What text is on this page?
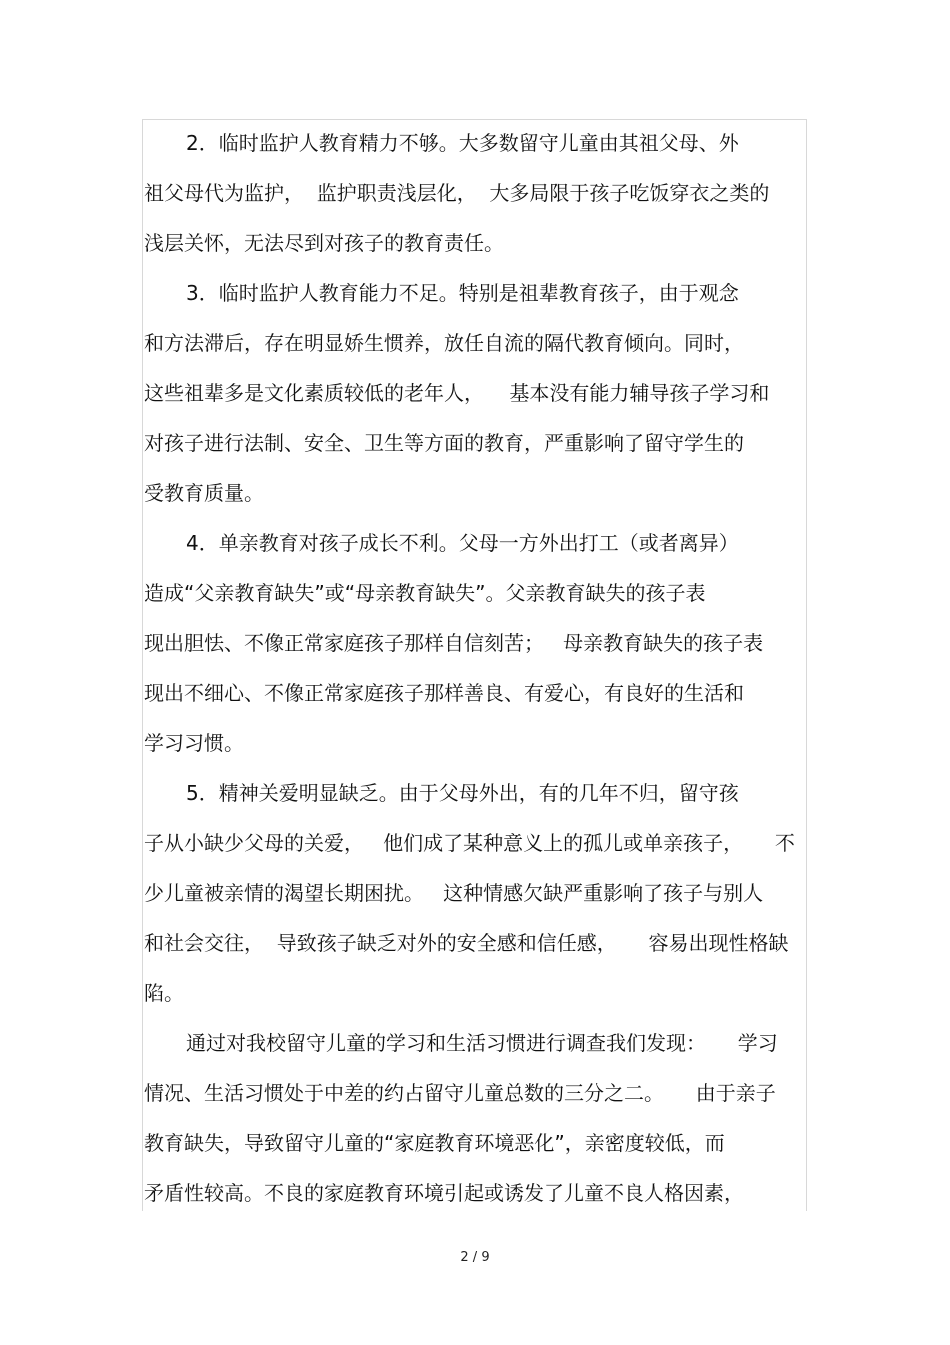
2．临时监护人教育精力不够。大多数留守儿童由其祖父母、外
祖父母代为监护，  监护职责浅层化，  大多局限于孩子吃饭穿衣之类的
浅层关怀，无法尽到对孩子的教育责任。
3．临时监护人教育能力不足。特别是祖辈教育孩子，由于观念
和方法滞后，存在明显娇生惯养，放任自流的隔代教育倾向。同时，
这些祖辈多是文化素质较低的老年人，    基本没有能力辅导孩子学习和
对孩子进行法制、安全、卫生等方面的教育，严重影响了留守学生的
受教育质量。
4．单亲教育对孩子成长不利。父母一方外出打工（或者离异）
造成“父亲教育缺失”或“母亲教育缺失”。父亲教育缺失的孩子表
现出胆怯、不像正常家庭孩子那样自信刻苦；   母亲教育缺失的孩子表
现出不细心、不像正常家庭孩子那样善良、有爱心，有良好的生活和
学习习惯。
5．精神关爱明显缺乏。由于父母外出，有的几年不归，留守孩
子从小缺少父母的关爱，   他们成了某种意义上的孤儿或单亲孩子，     不
少儿童被亲情的渴望长期困扰。   这种情感欠缺严重影响了孩子与别人
和社会交往，  导致孩子缺乏对外的安全感和信任感，     容易出现性格缺
陷。
通过对我校留守儿童的学习和生活习惯进行调查我们发现：     学习
情况、生活习惯处于中差的约占留守儿童总数的三分之二。     由于亲子
教育缺失，导致留守儿童的“家庭教育环境恶化”，亲密度较低，而
矛盾性较高。不良的家庭教育环境引起或诱发了儿童不良人格因素，
2 / 9
